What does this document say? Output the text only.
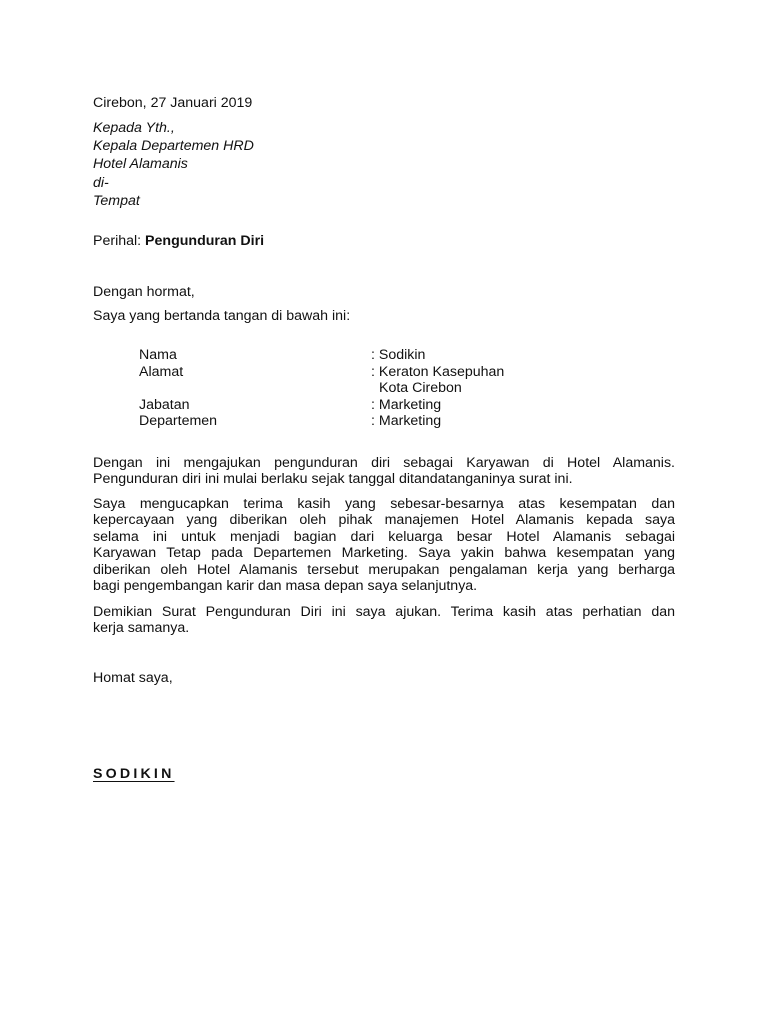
Cirebon, 27 Januari 2019
Kepada Yth.,
Kepala Departemen HRD
Hotel Alamanis
di-
Tempat
Perihal: Pengunduran Diri
Dengan hormat,
Saya yang bertanda tangan di bawah ini:
Nama	: Sodikin
Alamat	: Keraton Kasepuhan
Kota Cirebon
Jabatan	: Marketing
Departemen	: Marketing
Dengan ini mengajukan pengunduran diri sebagai Karyawan di Hotel Alamanis.
Pengunduran diri ini mulai berlaku sejak tanggal ditandatanganinya surat ini.
Saya mengucapkan terima kasih yang sebesar-besarnya atas kesempatan dan
kepercayaan yang diberikan oleh pihak manajemen Hotel Alamanis kepada saya
selama ini untuk menjadi bagian dari keluarga besar Hotel Alamanis sebagai
Karyawan Tetap pada Departemen Marketing. Saya yakin bahwa kesempatan yang
diberikan oleh Hotel Alamanis tersebut merupakan pengalaman kerja yang berharga
bagi pengembangan karir dan masa depan saya selanjutnya.
Demikian Surat Pengunduran Diri ini saya ajukan. Terima kasih atas perhatian dan
kerja samanya.
Homat saya,
SODIKIN
